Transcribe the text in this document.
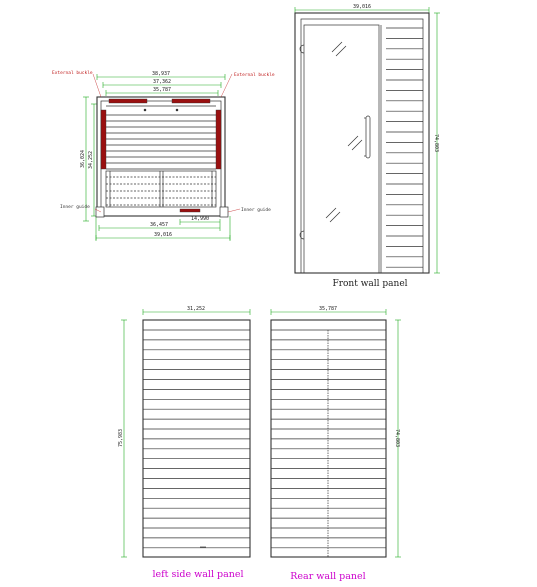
38,937
37,362
35,787
36,024 34,252
14,990
36,457
39,016
External buckle	External buckle
Inner guide
Inner guide
39,016
74,803
Front wall panel
31,252
75,983
left side wall panel
35,787
74,803
Rear wall panel
